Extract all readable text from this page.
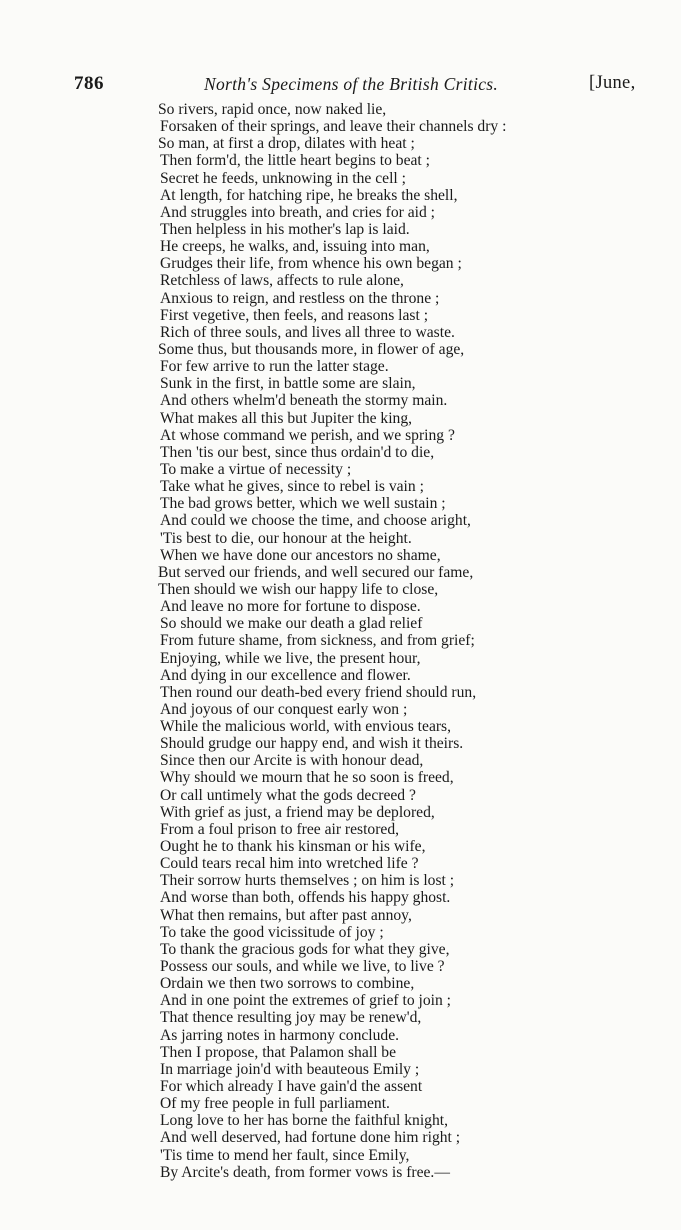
786	North's Specimens of the British Critics.	[June,
So rivers, rapid once, now naked lie,
Forsaken of their springs, and leave their channels dry :
So man, at first a drop, dilates with heat ;
Then form'd, the little heart begins to beat ;
Secret he feeds, unknowing in the cell ;
At length, for hatching ripe, he breaks the shell,
And struggles into breath, and cries for aid ;
Then helpless in his mother's lap is laid.
He creeps, he walks, and, issuing into man,
Grudges their life, from whence his own began ;
Retchless of laws, affects to rule alone,
Anxious to reign, and restless on the throne ;
First vegetive, then feels, and reasons last ;
Rich of three souls, and lives all three to waste.
Some thus, but thousands more, in flower of age,
For few arrive to run the latter stage.
Sunk in the first, in battle some are slain,
And others whelm'd beneath the stormy main.
What makes all this but Jupiter the king,
At whose command we perish, and we spring ?
Then 'tis our best, since thus ordain'd to die,
To make a virtue of necessity ;
Take what he gives, since to rebel is vain ;
The bad grows better, which we well sustain ;
And could we choose the time, and choose aright,
'Tis best to die, our honour at the height.
When we have done our ancestors no shame,
But served our friends, and well secured our fame,
Then should we wish our happy life to close,
And leave no more for fortune to dispose.
So should we make our death a glad relief
From future shame, from sickness, and from grief;
Enjoying, while we live, the present hour,
And dying in our excellence and flower.
Then round our death-bed every friend should run,
And joyous of our conquest early won ;
While the malicious world, with envious tears,
Should grudge our happy end, and wish it theirs.
Since then our Arcite is with honour dead,
Why should we mourn that he so soon is freed,
Or call untimely what the gods decreed ?
With grief as just, a friend may be deplored,
From a foul prison to free air restored,
Ought he to thank his kinsman or his wife,
Could tears recal him into wretched life ?
Their sorrow hurts themselves ; on him is lost ;
And worse than both, offends his happy ghost.
What then remains, but after past annoy,
To take the good vicissitude of joy ;
To thank the gracious gods for what they give,
Possess our souls, and while we live, to live ?
Ordain we then two sorrows to combine,
And in one point the extremes of grief to join ;
That thence resulting joy may be renew'd,
As jarring notes in harmony conclude.
Then I propose, that Palamon shall be
In marriage join'd with beauteous Emily ;
For which already I have gain'd the assent
Of my free people in full parliament.
Long love to her has borne the faithful knight,
And well deserved, had fortune done him right ;
'Tis time to mend her fault, since Emily,
By Arcite's death, from former vows is free.—
